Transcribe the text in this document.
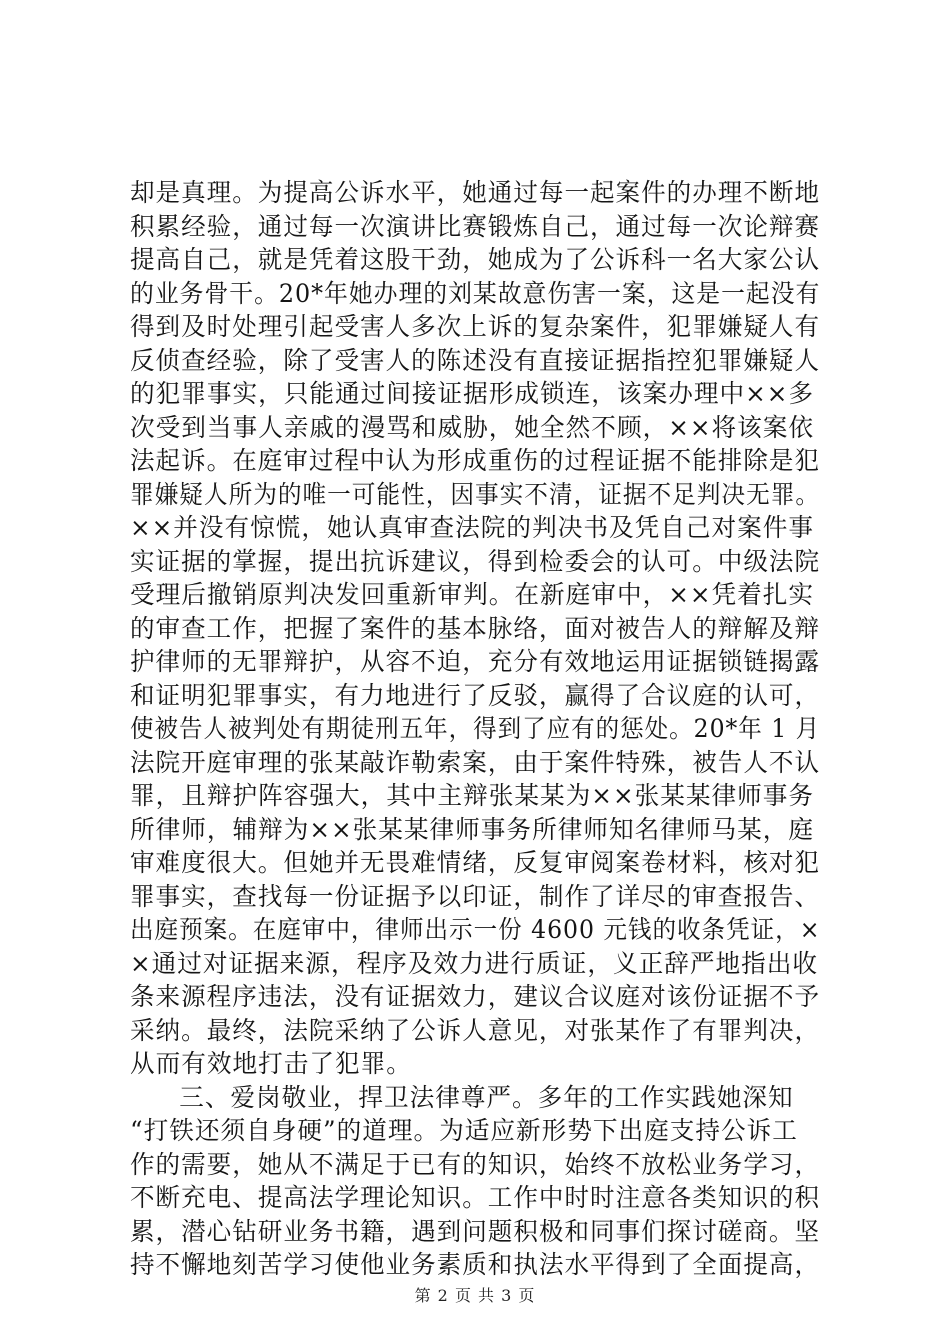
却是真理。为提高公诉水平，她通过每一起案件的办理不断地
积累经验，通过每一次演讲比赛锻炼自己，通过每一次论辩赛
提高自己，就是凭着这股干劲，她成为了公诉科一名大家公认
的业务骨干。20*年她办理的刘某故意伤害一案，这是一起没有
得到及时处理引起受害人多次上诉的复杂案件，犯罪嫌疑人有
反侦查经验，除了受害人的陈述没有直接证据指控犯罪嫌疑人
的犯罪事实，只能通过间接证据形成锁连，该案办理中××多
次受到当事人亲戚的漫骂和威胁，她全然不顾，××将该案依
法起诉。在庭审过程中认为形成重伤的过程证据不能排除是犯
罪嫌疑人所为的唯一可能性，因事实不清，证据不足判决无罪。
××并没有惊慌，她认真审查法院的判决书及凭自己对案件事
实证据的掌握，提出抗诉建议，得到检委会的认可。中级法院
受理后撤销原判决发回重新审判。在新庭审中，××凭着扎实
的审查工作，把握了案件的基本脉络，面对被告人的辩解及辩
护律师的无罪辩护，从容不迫，充分有效地运用证据锁链揭露
和证明犯罪事实，有力地进行了反驳，赢得了合议庭的认可，
使被告人被判处有期徒刑五年，得到了应有的惩处。20*年 1 月
法院开庭审理的张某敲诈勒索案，由于案件特殊，被告人不认
罪，且辩护阵容强大，其中主辩张某某为××张某某律师事务
所律师，辅辩为××张某某律师事务所律师知名律师马某，庭
审难度很大。但她并无畏难情绪，反复审阅案卷材料，核对犯
罪事实，查找每一份证据予以印证，制作了详尽的审查报告、
出庭预案。在庭审中，律师出示一份 4600 元钱的收条凭证，×
×通过对证据来源，程序及效力进行质证，义正辞严地指出收
条来源程序违法，没有证据效力，建议合议庭对该份证据不予
采纳。最终，法院采纳了公诉人意见，对张某作了有罪判决，
从而有效地打击了犯罪。
三、爱岗敬业，捍卫法律尊严。多年的工作实践她深知
“打铁还须自身硬”的道理。为适应新形势下出庭支持公诉工
作的需要，她从不满足于已有的知识，始终不放松业务学习，
不断充电、提高法学理论知识。工作中时时注意各类知识的积
累，潜心钻研业务书籍，遇到问题积极和同事们探讨磋商。坚
持不懈地刻苦学习使他业务素质和执法水平得到了全面提高，
第 2 页 共 3 页
